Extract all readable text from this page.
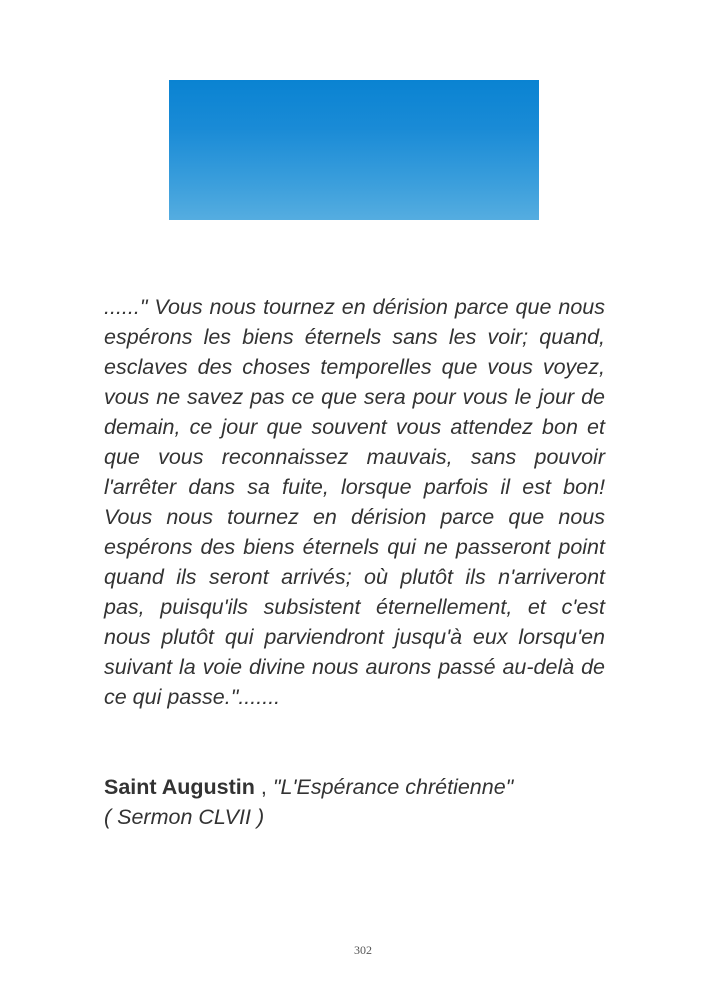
......" Vous nous tournez en dérision parce que nous espérons les biens éternels sans les voir; quand, esclaves des choses temporelles que vous voyez, vous ne savez pas ce que sera pour vous le jour de demain, ce jour que souvent vous attendez bon et que vous reconnaissez mauvais, sans pouvoir l'arrêter dans sa fuite, lorsque parfois il est bon! Vous nous tournez en dérision parce que nous espérons des biens éternels qui ne passeront point quand ils seront arrivés; où plutôt ils n'arriveront pas, puisqu'ils subsistent éternellement, et c'est nous plutôt qui parviendront jusqu'à eux lorsqu'en suivant la voie divine nous aurons passé au-delà de ce qui passe.".......

Saint Augustin , "L'Espérance chrétienne"

( Sermon CLVII )

302
